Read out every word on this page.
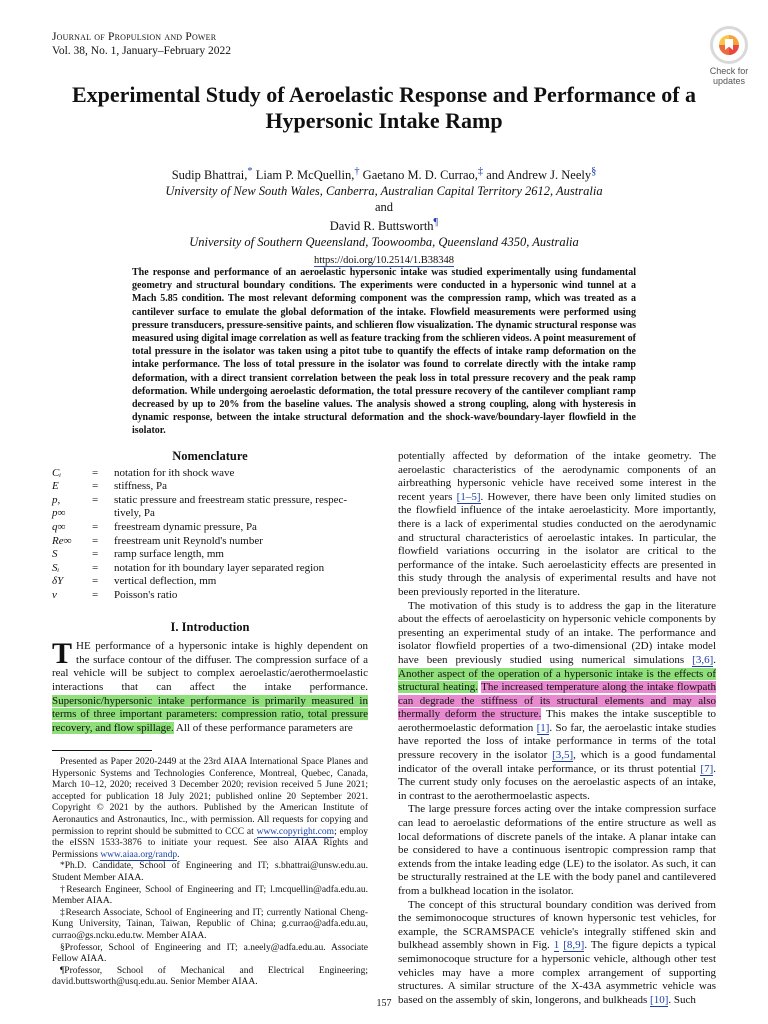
Journal of Propulsion and Power
Vol. 38, No. 1, January–February 2022
Check for
updates
Experimental Study of Aeroelastic Response and Performance of a Hypersonic Intake Ramp
Sudip Bhattrai,* Liam P. McQuellin,† Gaetano M. D. Currao,‡ and Andrew J. Neely§
University of New South Wales, Canberra, Australian Capital Territory 2612, Australia
and
David R. Buttsworth¶
University of Southern Queensland, Toowoomba, Queensland 4350, Australia
https://doi.org/10.2514/1.B38348
The response and performance of an aeroelastic hypersonic intake was studied experimentally using fundamental geometry and structural boundary conditions. The experiments were conducted in a hypersonic wind tunnel at a Mach 5.85 condition. The most relevant deforming component was the compression ramp, which was treated as a cantilever surface to emulate the global deformation of the intake. Flowfield measurements were performed using pressure transducers, pressure-sensitive paints, and schlieren flow visualization. The dynamic structural response was measured using digital image correlation as well as feature tracking from the schlieren videos. A point measurement of total pressure in the isolator was taken using a pitot tube to quantify the effects of intake ramp deformation on the intake performance. The loss of total pressure in the isolator was found to correlate directly with the intake ramp deformation, with a direct transient correlation between the peak loss in total pressure recovery and the peak ramp deformation. While undergoing aeroelastic deformation, the total pressure recovery of the cantilever compliant ramp decreased by up to 20% from the baseline values. The analysis showed a strong coupling, along with hysteresis in dynamic response, between the intake structural deformation and the shock-wave/boundary-layer flowfield in the isolator.
Nomenclature
Cᵢ	=	notation for ith shock wave
E	=	stiffness, Pa
p,	=	static pressure and freestream static pressure, respec-
p∞	tively, Pa
q∞	=	freestream dynamic pressure, Pa
Re∞	=	freestream unit Reynold's number
S	=	ramp surface length, mm
Sᵢ	=	notation for ith boundary layer separated region
δY	=	vertical deflection, mm
ν	=	Poisson's ratio
I. Introduction

THE performance of a hypersonic intake is highly dependent on the surface contour of the diffuser. The compression surface of a real vehicle will be subject to complex aeroelastic/aerothermoelastic interactions that can affect the intake performance. Supersonic/hypersonic intake performance is primarily measured in terms of three important parameters: compression ratio, total pressure recovery, and flow spillage. All of these performance parameters are

Presented as Paper 2020-2449 at the 23rd AIAA International Space Planes and Hypersonic Systems and Technologies Conference, Montreal, Quebec, Canada, March 10–12, 2020; received 3 December 2020; revision received 5 June 2021; accepted for publication 18 July 2021; published online 20 September 2021. Copyright © 2021 by the authors. Published by the American Institute of Aeronautics and Astronautics, Inc., with permission. All requests for copying and permission to reprint should be submitted to CCC at www.copyright.com; employ the eISSN 1533-3876 to initiate your request. See also AIAA Rights and Permissions www.aiaa.org/randp.

*Ph.D. Candidate, School of Engineering and IT; s.bhattrai@unsw.edu.au. Student Member AIAA.

†Research Engineer, School of Engineering and IT; l.mcquellin@adfa.edu.au. Member AIAA.

‡Research Associate, School of Engineering and IT; currently National Cheng-Kung University, Tainan, Taiwan, Republic of China; g.currao@adfa.edu.au, currao@gs.ncku.edu.tw. Member AIAA.

§Professor, School of Engineering and IT; a.neely@adfa.edu.au. Associate Fellow AIAA.

¶Professor, School of Mechanical and Electrical Engineering; david.buttsworth@usq.edu.au. Senior Member AIAA.

potentially affected by deformation of the intake geometry. The aeroelastic characteristics of the aerodynamic components of an airbreathing hypersonic vehicle have received some interest in the recent years [1–5]. However, there have been only limited studies on the flowfield influence of the intake aeroelasticity. More importantly, there is a lack of experimental studies conducted on the aerodynamic and structural characteristics of aeroelastic intakes. In particular, the flowfield variations occurring in the isolator are critical to the performance of the intake. Such aeroelasticity effects are presented in this study through the analysis of experimental results and have not been previously reported in the literature.

The motivation of this study is to address the gap in the literature about the effects of aeroelasticity on hypersonic vehicle components by presenting an experimental study of an intake. The performance and isolator flowfield properties of a two-dimensional (2D) intake model have been previously studied using numerical simulations [3,6]. Another aspect of the operation of a hypersonic intake is the effects of structural heating. The increased temperature along the intake flowpath can degrade the stiffness of its structural elements and may also thermally deform the structure. This makes the intake susceptible to aerothermoelastic deformation [1]. So far, the aeroelastic intake studies have reported the loss of intake performance in terms of the total pressure recovery in the isolator [3,5], which is a good fundamental indicator of the overall intake performance, or its thrust potential [7]. The current study only focuses on the aeroelastic aspects of an intake, in contrast to the aerothermoelastic aspects.

The large pressure forces acting over the intake compression surface can lead to aeroelastic deformations of the entire structure as well as local deformations of discrete panels of the intake. A planar intake can be considered to have a continuous isentropic compression ramp that extends from the intake leading edge (LE) to the isolator. As such, it can be structurally restrained at the LE with the body panel and cantilevered from a bulkhead location in the isolator.

The concept of this structural boundary condition was derived from the semimonocoque structures of known hypersonic test vehicles, for example, the SCRAMSPACE vehicle's integrally stiffened skin and bulkhead assembly shown in Fig. 1 [8,9]. The figure depicts a typical semimonocoque structure for a hypersonic vehicle, although other test vehicles may have a more complex arrangement of supporting structures. A similar structure of the X-43A asymmetric vehicle was based on the assembly of skin, longerons, and bulkheads [10]. Such

157
